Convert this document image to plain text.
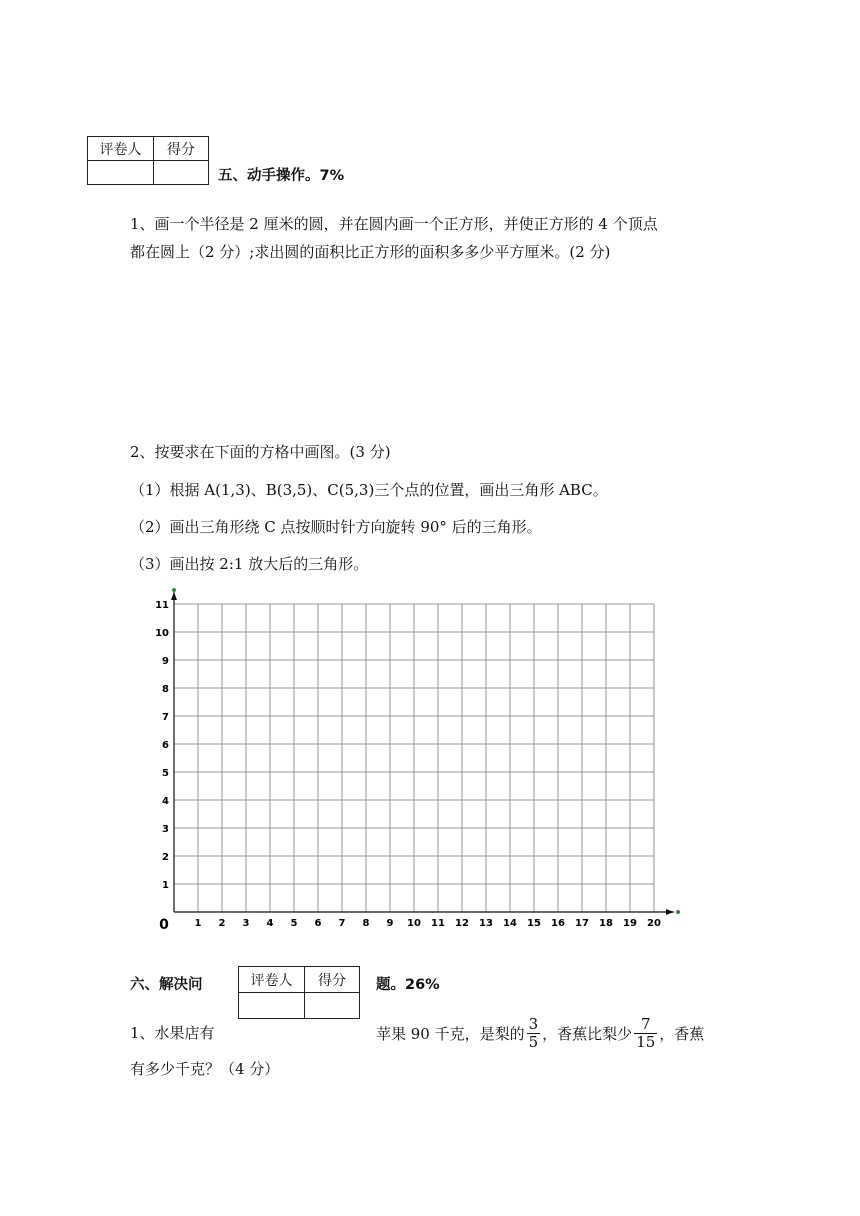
评卷人	得分

五、动手操作。7%
1、画一个半径是 2 厘米的圆，并在圆内画一个正方形，并使正方形的 4 个顶点
都在圆上（2 分）;求出圆的面积比正方形的面积多多少平方厘米。(2 分)
2、按要求在下面的方格中画图。(3 分)
（1）根据 A(1,3)、B(3,5)、C(5,3)三个点的位置，画出三角形 ABC。
（2）画出三角形绕 C 点按顺时针方向旋转 90° 后的三角形。
（3）画出按 2:1 放大后的三角形。
1 2 3 4 5 6 7 8 9 10 11 12 13 14 15 16 17 18 19 20
1
2
3
4
5
6
7
8
9
10
11
0
六、解决问	评卷人	得分
	题。26%
1、水果店有	苹果 90 千克，是梨的 $\frac{3}{5}$ ，香蕉比梨少 $\frac{7}{15}$ ，香蕉
有多少千克？（4 分）
